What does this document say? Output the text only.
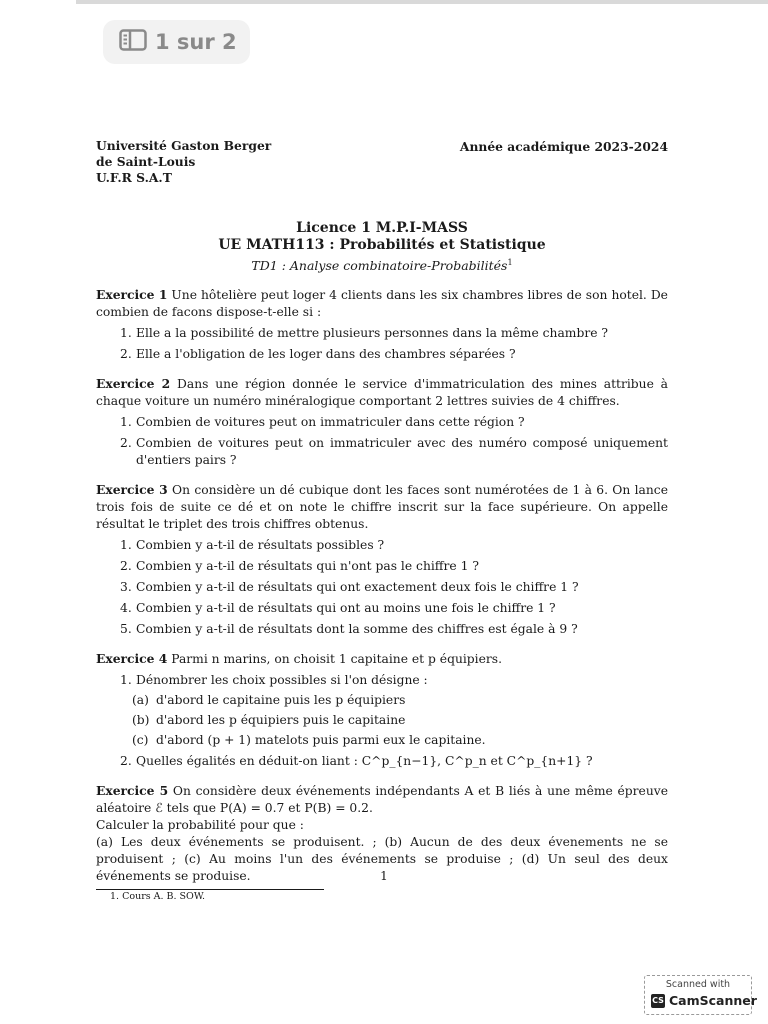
1 sur 2
Université Gaston Berger
de Saint-Louis
U.F.R S.A.T
Année académique 2023-2024
Licence 1 M.P.I-MASS
UE MATH113 : Probabilités et Statistique
TD1 : Analyse combinatoire-Probabilités$^1$
Exercice 1 Une hôtelière peut loger 4 clients dans les six chambres libres de son hotel. De combien de facons dispose-t-elle si :
1. Elle a la possibilité de mettre plusieurs personnes dans la même chambre ?
2. Elle a l'obligation de les loger dans des chambres séparées ?
Exercice 2 Dans une région donnée le service d'immatriculation des mines attribue à chaque voiture un numéro minéralogique comportant 2 lettres suivies de 4 chiffres.
1. Combien de voitures peut on immatriculer dans cette région ?
2. Combien de voitures peut on immatriculer avec des numéro composé uniquement d'entiers pairs ?
Exercice 3 On considère un dé cubique dont les faces sont numérotées de 1 à 6. On lance trois fois de suite ce dé et on note le chiffre inscrit sur la face supérieure. On appelle résultat le triplet des trois chiffres obtenus.
1. Combien y a-t-il de résultats possibles ?
2. Combien y a-t-il de résultats qui n'ont pas le chiffre 1 ?
3. Combien y a-t-il de résultats qui ont exactement deux fois le chiffre 1 ?
4. Combien y a-t-il de résultats qui ont au moins une fois le chiffre 1 ?
5. Combien y a-t-il de résultats dont la somme des chiffres est égale à 9 ?
Exercice 4 Parmi n marins, on choisit 1 capitaine et p équipiers.
1. Dénombrer les choix possibles si l'on désigne :
(a) d'abord le capitaine puis les p équipiers
(b) d'abord les p équipiers puis le capitaine
(c) d'abord (p + 1) matelots puis parmi eux le capitaine.
2. Quelles égalités en déduit-on liant : C^p_{n−1}, C^p_n et C^p_{n+1} ?
Exercice 5 On considère deux événements indépendants A et B liés à une même épreuve aléatoire ℰ tels que P(A) = 0.7 et P(B) = 0.2.
Calculer la probabilité pour que :
(a) Les deux événements se produisent. ; (b) Aucun de des deux évenements ne se produisent ; (c) Au moins l'un des événements se produise ; (d) Un seul des deux événements se produise.
1. Cours A. B. SOW.
1
Scanned with
CS CamScanner
